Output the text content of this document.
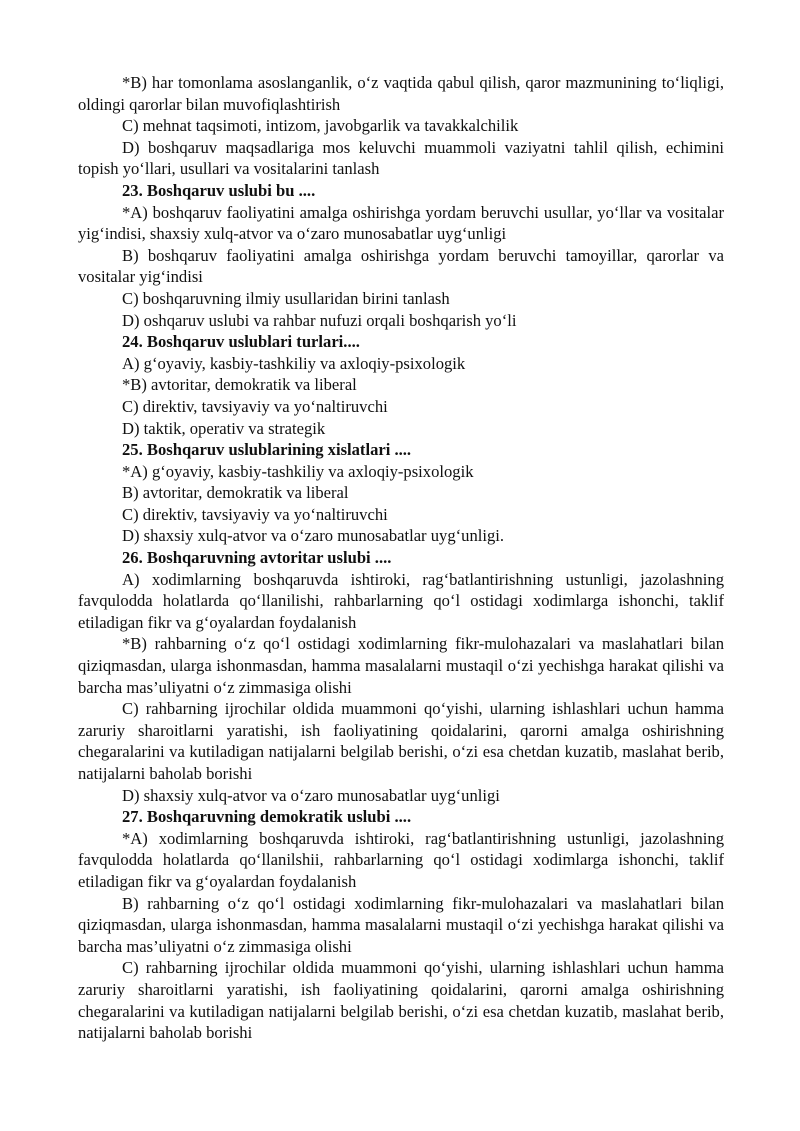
*B) har tomonlama asoslanganlik, o‘z vaqtida qabul qilish, qaror mazmunining to‘liqligi, oldingi qarorlar bilan muvofiqlashtirish

C) mehnat taqsimoti, intizom, javobgarlik va tavakkalchilik

D) boshqaruv maqsadlariga mos keluvchi muammoli vaziyatni tahlil qilish, echimini topish yo‘llari, usullari va vositalarini tanlash

23. Boshqaruv uslubi bu ....

*A) boshqaruv faoliyatini amalga oshirishga yordam beruvchi usullar, yo‘llar va vositalar yig‘indisi, shaxsiy xulq-atvor va o‘zaro munosabatlar uyg‘unligi

B) boshqaruv faoliyatini amalga oshirishga yordam beruvchi tamoyillar, qarorlar va vositalar yig‘indisi

C) boshqaruvning ilmiy usullaridan birini tanlash

D) oshqaruv uslubi va rahbar nufuzi orqali boshqarish yo‘li

24. Boshqaruv uslublari turlari....

A) g‘oyaviy, kasbiy-tashkiliy va axloqiy-psixologik

*B) avtoritar, demokratik va liberal

C) direktiv, tavsiyaviy va yo‘naltiruvchi

D) taktik, operativ va strategik

25. Boshqaruv uslublarining xislatlari ....

*A) g‘oyaviy, kasbiy-tashkiliy va axloqiy-psixologik

B) avtoritar, demokratik va liberal

C) direktiv, tavsiyaviy va yo‘naltiruvchi

D) shaxsiy xulq-atvor va o‘zaro munosabatlar uyg‘unligi.

26. Boshqaruvning avtoritar uslubi ....

A) xodimlarning boshqaruvda ishtiroki, rag‘batlantirishning ustunligi, jazolashning favqulodda holatlarda qo‘llanilishi, rahbarlarning qo‘l ostidagi xodimlarga ishonchi, taklif etiladigan fikr va g‘oyalardan foydalanish

*B) rahbarning o‘z qo‘l ostidagi xodimlarning fikr-mulohazalari va maslahatlari bilan qiziqmasdan, ularga ishonmasdan, hamma masalalarni mustaqil o‘zi yechishga harakat qilishi va barcha mas’uliyatni o‘z zimmasiga olishi

C) rahbarning ijrochilar oldida muammoni qo‘yishi, ularning ishlashlari uchun hamma zaruriy sharoitlarni yaratishi, ish faoliyatining qoidalarini, qarorni amalga oshirishning chegaralarini va kutiladigan natijalarni belgilab berishi, o‘zi esa chetdan kuzatib, maslahat berib, natijalarni baholab borishi

D) shaxsiy xulq-atvor va o‘zaro munosabatlar uyg‘unligi

27. Boshqaruvning demokratik uslubi ....

*A) xodimlarning boshqaruvda ishtiroki, rag‘batlantirishning ustunligi, jazolashning favqulodda holatlarda qo‘llanilshii, rahbarlarning qo‘l ostidagi xodimlarga ishonchi, taklif etiladigan fikr va g‘oyalardan foydalanish

B) rahbarning o‘z qo‘l ostidagi xodimlarning fikr-mulohazalari va maslahatlari bilan qiziqmasdan, ularga ishonmasdan, hamma masalalarni mustaqil o‘zi yechishga harakat qilishi va barcha mas’uliyatni o‘z zimmasiga olishi

C) rahbarning ijrochilar oldida muammoni qo‘yishi, ularning ishlashlari uchun hamma zaruriy sharoitlarni yaratishi, ish faoliyatining qoidalarini, qarorni amalga oshirishning chegaralarini va kutiladigan natijalarni belgilab berishi, o‘zi esa chetdan kuzatib, maslahat berib, natijalarni baholab borishi
